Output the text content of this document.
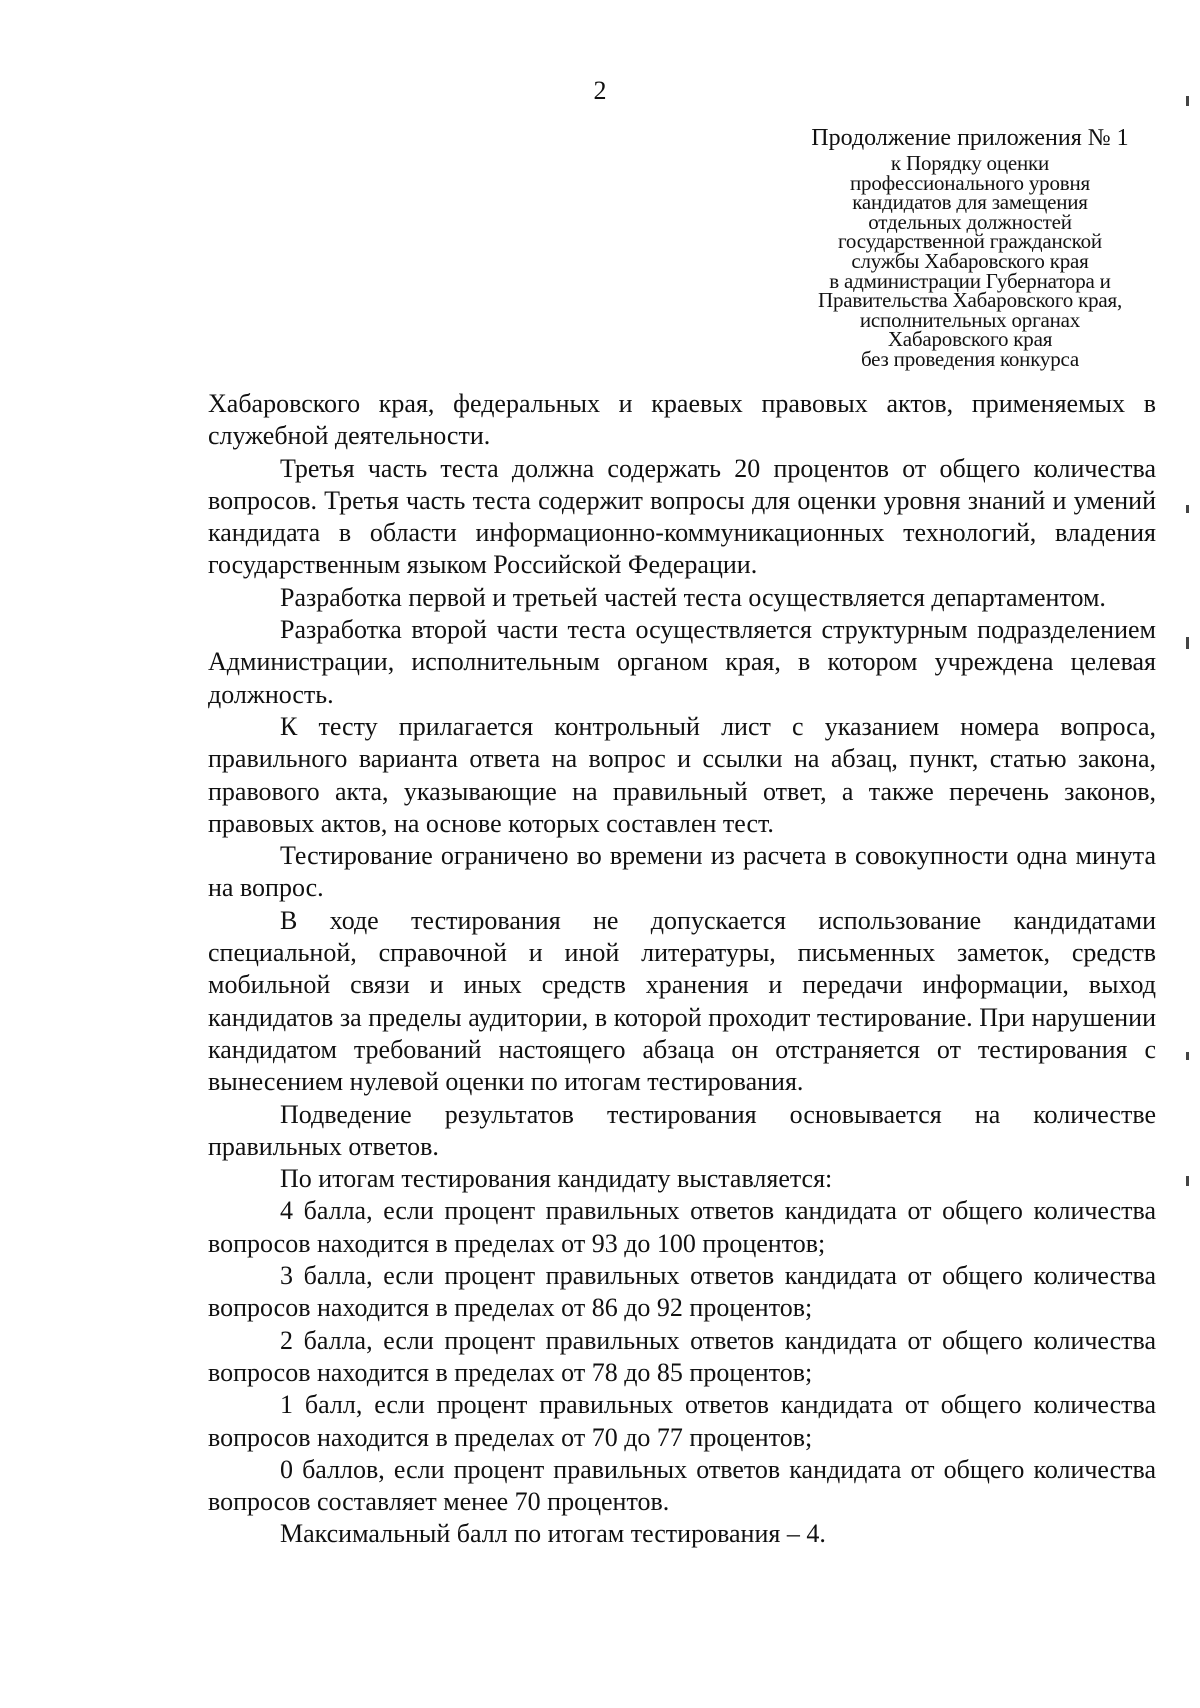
2
Продолжение приложения № 1
к Порядку оценки
профессионального уровня
кандидатов для замещения
отдельных должностей
государственной гражданской
службы Хабаровского края
в администрации Губернатора и
Правительства Хабаровского края,
исполнительных органах
Хабаровского края
без проведения конкурса

Хабаровского края, федеральных и краевых правовых актов, применяемых в служебной деятельности.

Третья часть теста должна содержать 20 процентов от общего количества вопросов. Третья часть теста содержит вопросы для оценки уровня знаний и умений кандидата в области информационно-коммуникационных технологий, владения государственным языком Российской Федерации.

Разработка первой и третьей частей теста осуществляется департаментом.

Разработка второй части теста осуществляется структурным подразделением Администрации, исполнительным органом края, в котором учреждена целевая должность.

К тесту прилагается контрольный лист с указанием номера вопроса, правильного варианта ответа на вопрос и ссылки на абзац, пункт, статью закона, правового акта, указывающие на правильный ответ, а также перечень законов, правовых актов, на основе которых составлен тест.

Тестирование ограничено во времени из расчета в совокупности одна минута на вопрос.

В ходе тестирования не допускается использование кандидатами специальной, справочной и иной литературы, письменных заметок, средств мобильной связи и иных средств хранения и передачи информации, выход кандидатов за пределы аудитории, в которой проходит тестирование. При нарушении кандидатом требований настоящего абзаца он отстраняется от тестирования с вынесением нулевой оценки по итогам тестирования.

Подведение результатов тестирования основывается на количестве правильных ответов.

По итогам тестирования кандидату выставляется:

4 балла, если процент правильных ответов кандидата от общего количества вопросов находится в пределах от 93 до 100 процентов;

3 балла, если процент правильных ответов кандидата от общего количества вопросов находится в пределах от 86 до 92 процентов;

2 балла, если процент правильных ответов кандидата от общего количества вопросов находится в пределах от 78 до 85 процентов;

1 балл, если процент правильных ответов кандидата от общего количества вопросов находится в пределах от 70 до 77 процентов;

0 баллов, если процент правильных ответов кандидата от общего количества вопросов составляет менее 70 процентов.

Максимальный балл по итогам тестирования – 4.
